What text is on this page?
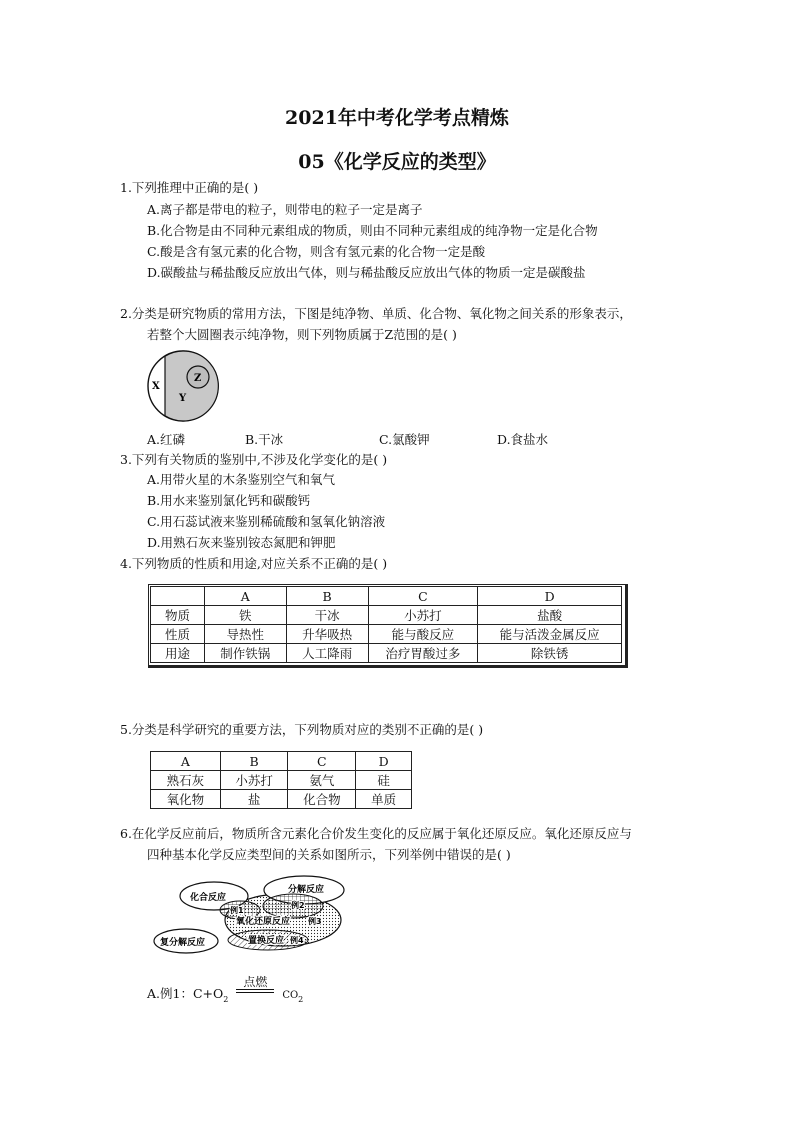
2021年中考化学考点精炼
05《化学反应的类型》
1.下列推理中正确的是( )
A.离子都是带电的粒子，则带电的粒子一定是离子
B.化合物是由不同种元素组成的物质，则由不同种元素组成的纯净物一定是化合物
C.酸是含有氢元素的化合物，则含有氢元素的化合物一定是酸
D.碳酸盐与稀盐酸反应放出气体，则与稀盐酸反应放出气体的物质一定是碳酸盐
2.分类是研究物质的常用方法，下图是纯净物、单质、化合物、氧化物之间关系的形象表示，
若整个大圆圈表示纯净物，则下列物质属于Z范围的是( )
X
Y
Z
A.红磷	B.干冰	C.氯酸钾	D.食盐水
3.下列有关物质的鉴别中,不涉及化学变化的是( )
A.用带火星的木条鉴别空气和氧气
B.用水来鉴别氯化钙和碳酸钙
C.用石蕊试液来鉴别稀硫酸和氢氧化钠溶液
D.用熟石灰来鉴别铵态氮肥和钾肥
4.下列物质的性质和用途,对应关系不正确的是( )
	A	B	C	D
物质	铁	干冰	小苏打	盐酸
性质	导热性	升华吸热	能与酸反应	能与活泼金属反应
用途	制作铁锅	人工降雨	治疗胃酸过多	除铁锈
5.分类是科学研究的重要方法，下列物质对应的类别不正确的是( )
A	B	C	D
熟石灰	小苏打	氨气	硅
氧化物	盐	化合物	单质
6.在化学反应前后，物质所含元素化合价发生变化的反应属于氧化还原反应。氧化还原反应与
四种基本化学反应类型间的关系如图所示，下列举例中错误的是( )
化合反应
分解反应
复分解反应
氧化还原反应
置换反应
例1
例2
例3
例4
A.例1：$C+O_2$ 点燃
$_{CO2}$
